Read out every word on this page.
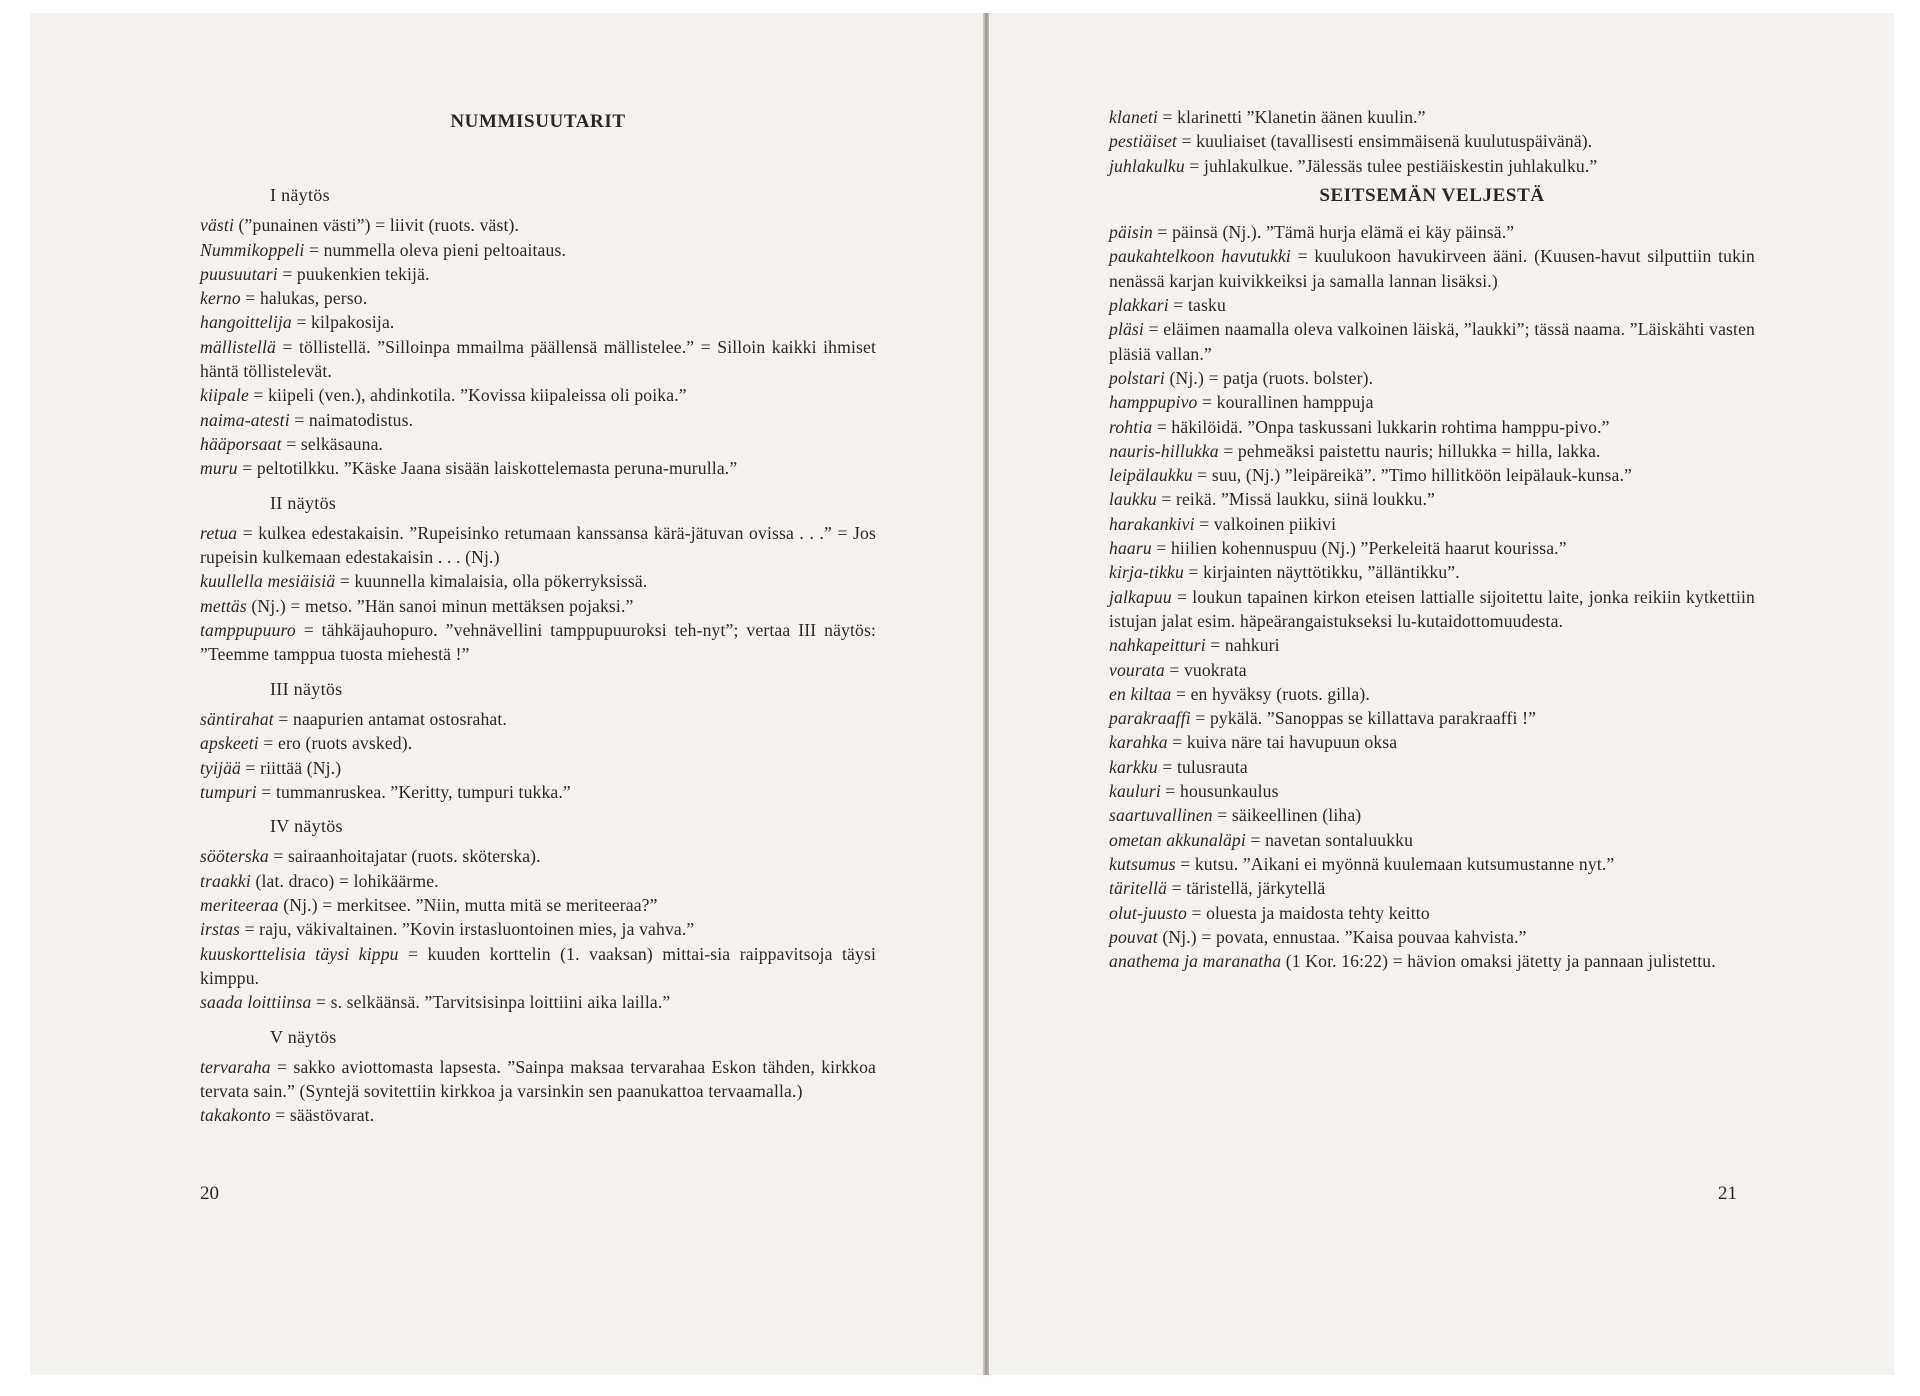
NUMMISUUTARIT
I näytös

västi (”punainen västi”) = liivit (ruots. väst).

Nummikoppeli = nummella oleva pieni peltoaitaus.

puusuutari = puukenkien tekijä.

kerno = halukas, perso.

hangoittelija = kilpakosija.

mällistellä = töllistellä. ”Silloinpa mmailma päällensä mällistelee.” = Silloin kaikki ihmiset häntä töllistelevät.

kiipale = kiipeli (ven.), ahdinkotila. ”Kovissa kiipaleissa oli poika.”

naima-atesti = naimatodistus.

hääporsaat = selkäsauna.

muru = peltotilkku. ”Käske Jaana sisään laiskottelemasta peruna-murulla.”

II näytös

retua = kulkea edestakaisin. ”Rupeisinko retumaan kanssansa kärä-jätuvan ovissa . . .” = Jos rupeisin kulkemaan edestakaisin . . . (Nj.)

kuullella mesiäisiä = kuunnella kimalaisia, olla pökerryksissä.

mettäs (Nj.) = metso. ”Hän sanoi minun mettäksen pojaksi.”

tamppupuuro = tähkäjauhopuro. ”vehnävellini tamppupuuroksi teh-nyt”; vertaa III näytös: ”Teemme tamppua tuosta miehestä !”

III näytös

säntirahat = naapurien antamat ostosrahat.

apskeeti = ero (ruots avsked).

tyijää = riittää (Nj.)

tumpuri = tummanruskea. ”Keritty, tumpuri tukka.”

IV näytös

sööterska = sairaanhoitajatar (ruots. sköterska).

traakki (lat. draco) = lohikäärme.

meriteeraa (Nj.) = merkitsee. ”Niin, mutta mitä se meriteeraa?”

irstas = raju, väkivaltainen. ”Kovin irstasluontoinen mies, ja vahva.”

kuuskorttelisia täysi kippu = kuuden korttelin (1. vaaksan) mittai-sia raippavitsoja täysi kimppu.

saada loittiinsa = s. selkäänsä. ”Tarvitsisinpa loittiini aika lailla.”

V näytös

tervaraha = sakko aviottomasta lapsesta. ”Sainpa maksaa tervarahaa Eskon tähden, kirkkoa tervata sain.” (Syntejä sovitettiin kirkkoa ja varsinkin sen paanukattoa tervaamalla.)

takakonto = säästövarat.

20

klaneti = klarinetti ”Klanetin äänen kuulin.”

pestiäiset = kuuliaiset (tavallisesti ensimmäisenä kuulutuspäivänä).

juhlakulku = juhlakulkue. ”Jälessäs tulee pestiäiskestin juhlakulku.”

SEITSEMÄN VELJESTÄ

päisin = päinsä (Nj.). ”Tämä hurja elämä ei käy päinsä.”

paukahtelkoon havutukki = kuulukoon havukirveen ääni. (Kuusen-havut silputtiin tukin nenässä karjan kuivikkeiksi ja samalla lannan lisäksi.)

plakkari = tasku

pläsi = eläimen naamalla oleva valkoinen läiskä, ”laukki”; tässä naama. ”Läiskähti vasten pläsiä vallan.”

polstari (Nj.) = patja (ruots. bolster).

hamppupivo = kourallinen hamppuja

rohtia = häkilöidä. ”Onpa taskussani lukkarin rohtima hamppu-pivo.”

nauris-hillukka = pehmeäksi paistettu nauris; hillukka = hilla, lakka.

leipälaukku = suu, (Nj.) ”leipäreikä”. ”Timo hillitköön leipälauk-kunsa.”

laukku = reikä. ”Missä laukku, siinä loukku.”

harakankivi = valkoinen piikivi

haaru = hiilien kohennuspuu (Nj.) ”Perkeleitä haarut kourissa.”

kirja-tikku = kirjainten näyttötikku, ”älläntikku”.

jalkapuu = loukun tapainen kirkon eteisen lattialle sijoitettu laite, jonka reikiin kytkettiin istujan jalat esim. häpeärangaistukseksi lu-kutaidottomuudesta.

nahkapeitturi = nahkuri

vourata = vuokrata

en kiltaa = en hyväksy (ruots. gilla).

parakraaffi = pykälä. ”Sanoppas se killattava parakraaffi !”

karahka = kuiva näre tai havupuun oksa

karkku = tulusrauta

kauluri = housunkaulus

saartuvallinen = säikeellinen (liha)

ometan akkunaläpi = navetan sontaluukku

kutsumus = kutsu. ”Aikani ei myönnä kuulemaan kutsumustanne nyt.”

täritellä = täristellä, järkytellä

olut-juusto = oluesta ja maidosta tehty keitto

pouvat (Nj.) = povata, ennustaa. ”Kaisa pouvaa kahvista.”

anathema ja maranatha (1 Kor. 16:22) = hävion omaksi jätetty ja pannaan julistettu.

21
